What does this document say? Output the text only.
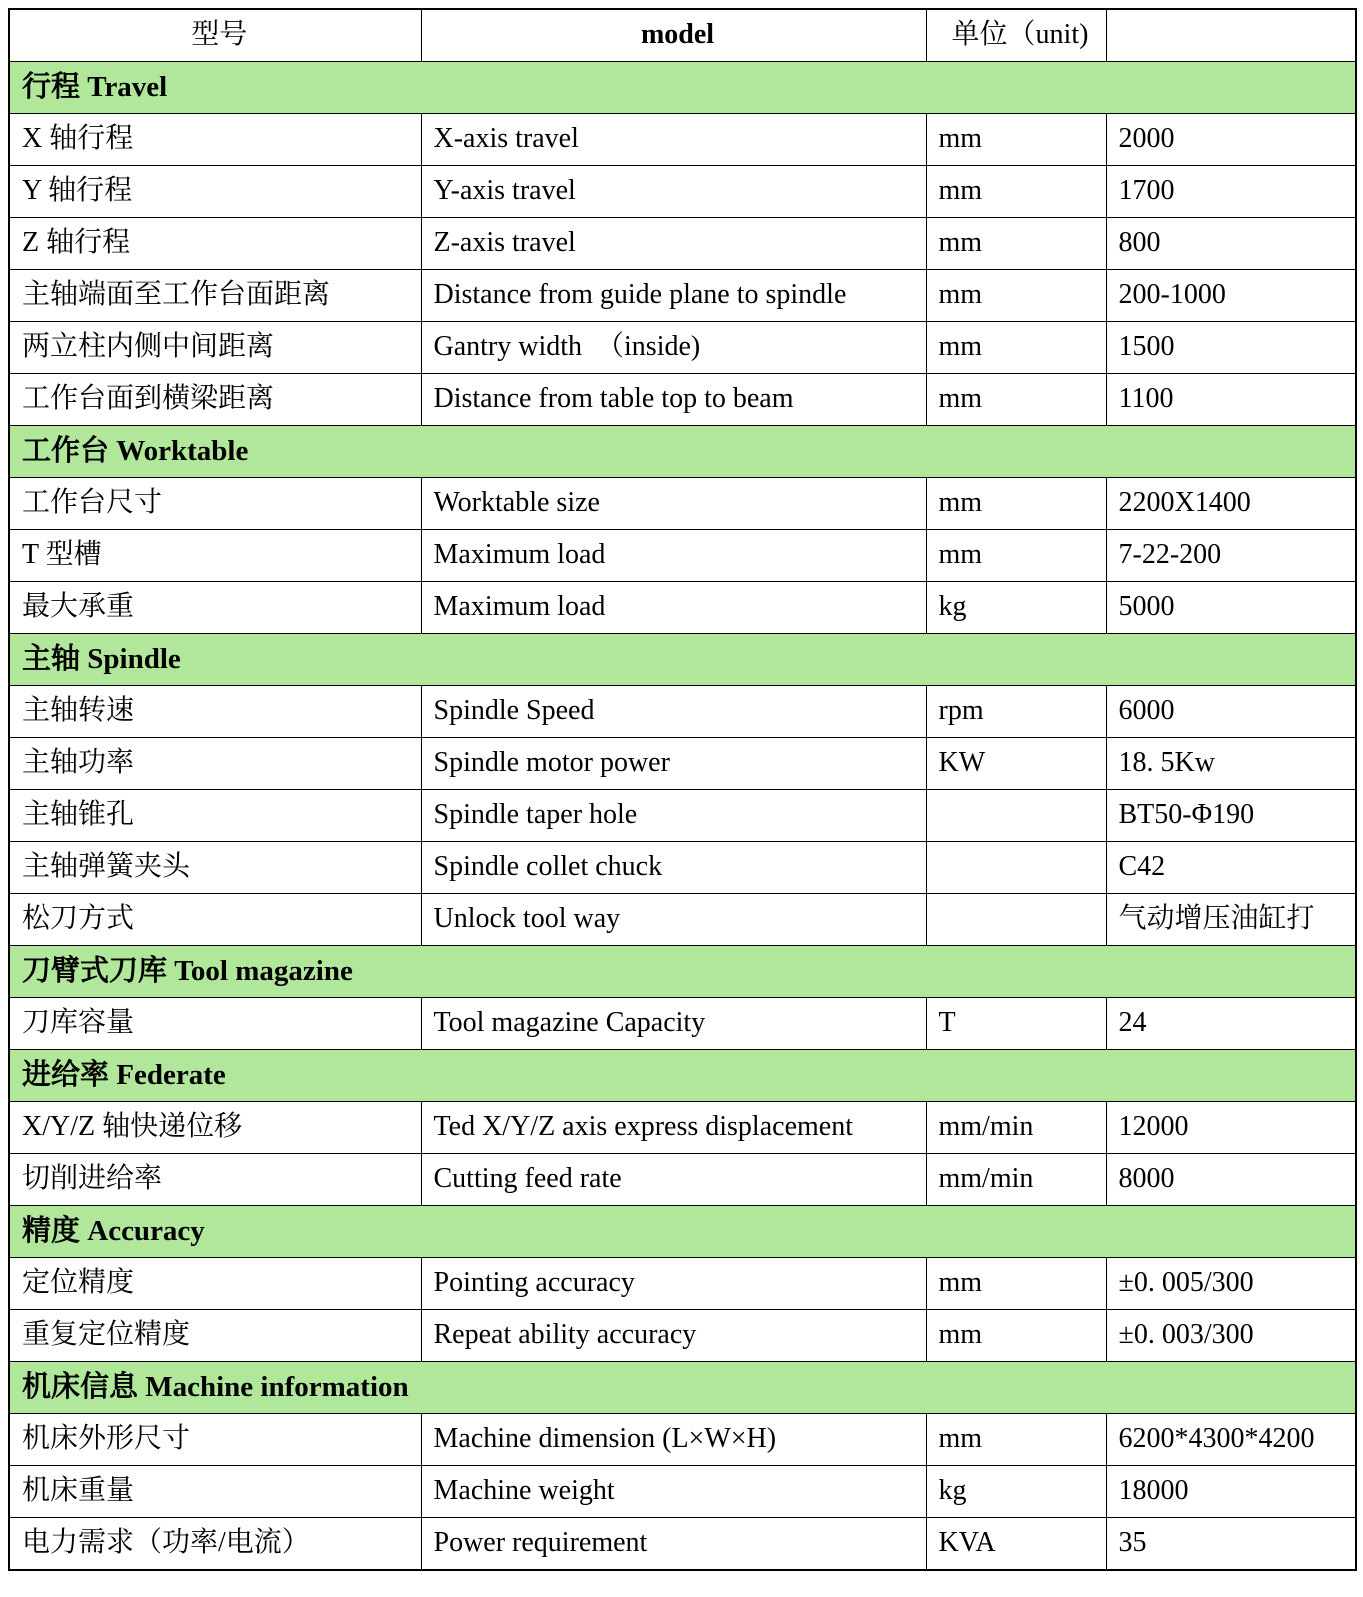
型号	model	单位（unit)	
行程 Travel			
X 轴行程	X-axis travel	mm	2000
Y 轴行程	Y-axis travel	mm	1700
Z 轴行程	Z-axis travel	mm	800
主轴端面至工作台面距离	Distance from guide plane to spindle	mm	200-1000
两立柱内侧中间距离	Gantry width　（inside)	mm	1500
工作台面到横梁距离	Distance from table top to beam	mm	1100
工作台 Worktable			
工作台尺寸	Worktable size	mm	2200X1400
T 型槽	Maximum load	mm	7-22-200
最大承重	Maximum load	kg	5000
主轴 Spindle			
主轴转速	Spindle Speed	rpm	6000
主轴功率	Spindle motor power	KW	18. 5Kw
主轴锥孔	Spindle taper hole		BT50-Φ190
主轴弹簧夹头	Spindle collet chuck		C42
松刀方式	Unlock tool way		气动增压油缸打
刀臂式刀库 Tool magazine			
刀库容量	Tool magazine Capacity	T	24
进给率 Federate			
X/Y/Z 轴快递位移	Ted X/Y/Z axis express displacement	mm/min	12000
切削进给率	Cutting feed rate	mm/min	8000
精度 Accuracy			
定位精度	Pointing accuracy	mm	±0. 005/300
重复定位精度	Repeat ability accuracy	mm	±0. 003/300
机床信息 Machine information			
机床外形尺寸	Machine dimension (L×W×H)	mm	6200*4300*4200
机床重量	Machine weight	kg	18000
电力需求（功率/电流）	Power requirement	KVA	35
